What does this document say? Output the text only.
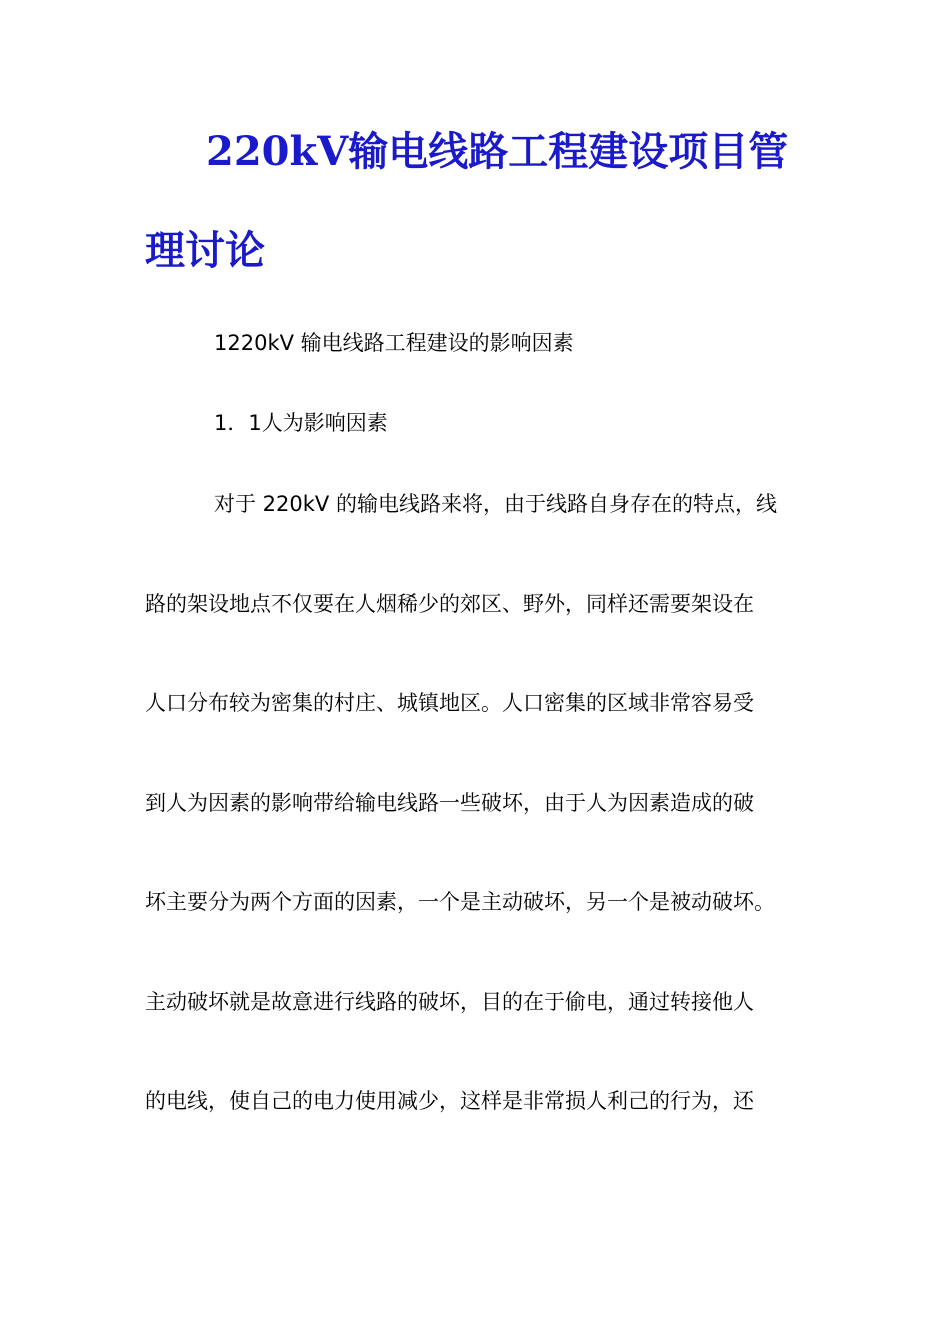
220kV输电线路工程建设项目管
理讨论
1220kV 输电线路工程建设的影响因素
1．1人为影响因素
对于 220kV 的输电线路来将，由于线路自身存在的特点，线
路的架设地点不仅要在人烟稀少的郊区、野外，同样还需要架设在
人口分布较为密集的村庄、城镇地区。人口密集的区域非常容易受
到人为因素的影响带给输电线路一些破坏，由于人为因素造成的破
坏主要分为两个方面的因素，一个是主动破坏，另一个是被动破坏。
主动破坏就是故意进行线路的破坏，目的在于偷电，通过转接他人
的电线，使自己的电力使用减少，这样是非常损人利己的行为，还
